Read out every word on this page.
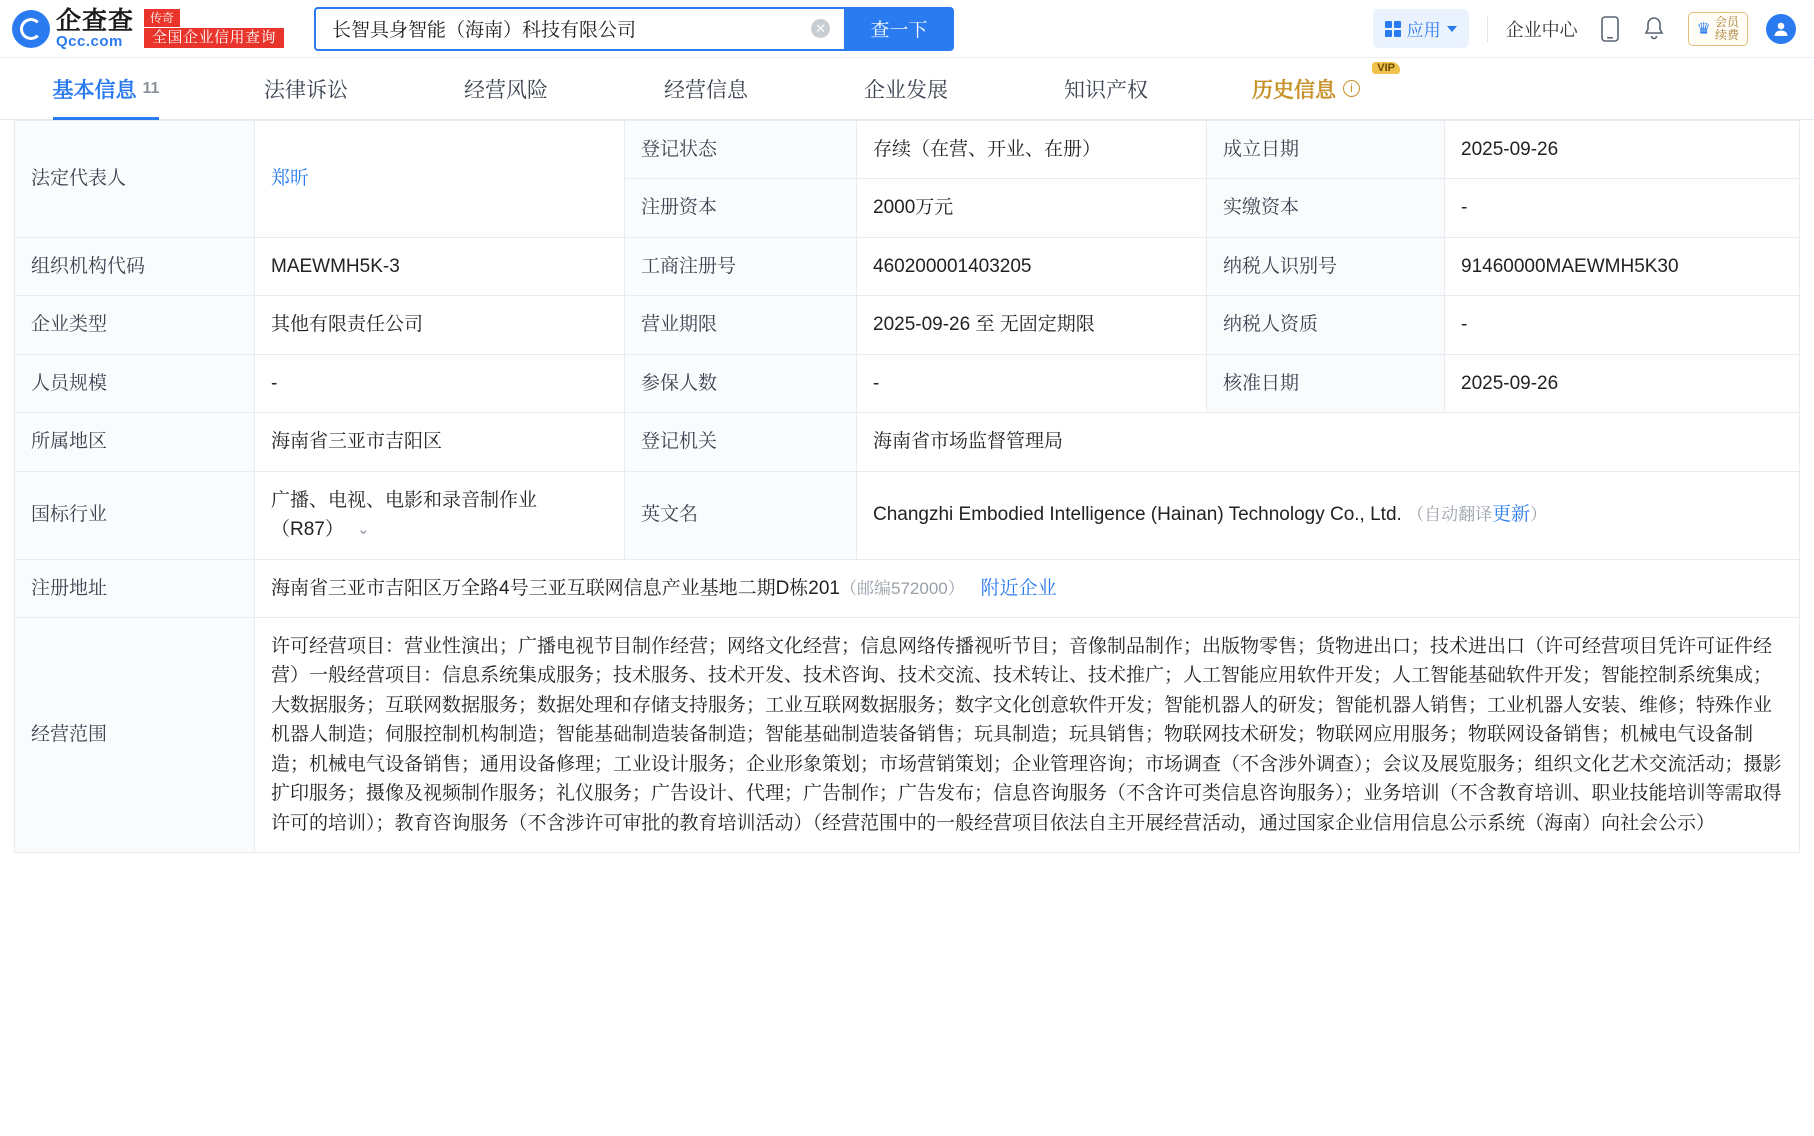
企查查
Qcc.com
传奇
全国企业信用查询
长智具身智能（海南）科技有限公司
✕	查一下	应用	企业中心	♛ 会员
续费
基本信息 11	法律诉讼	经营风险	经营信息	企业发展	知识产权
VIP
历史信息	i
法定代表人	郑昕	登记状态	存续（在营、开业、在册）	成立日期	2025-09-26
		注册资本	2000万元	实缴资本	-
组织机构代码	MAEWMH5K-3	工商注册号	460200001403205	纳税人识别号	91460000MAEWMH5K30
企业类型	其他有限责任公司	营业期限	2025-09-26 至 无固定期限	纳税人资质	-
人员规模	-	参保人数	-	核准日期	2025-09-26
所属地区	海南省三亚市吉阳区	登记机关	海南省市场监督管理局		
国标行业	广播、电视、电影和录音制作业
（R87） ⌄	英文名	Changzhi Embodied Intelligence (Hainan) Technology Co., Ltd. （自动翻译更新）		
注册地址	海南省三亚市吉阳区万全路4号三亚互联网信息产业基地二期D栋201（邮编572000） 附近企业				
经营范围	许可经营项目：营业性演出；广播电视节目制作经营；网络文化经营；信息网络传播视听节目；音像制品制作；出版物零售；货物进出口；技术进出口（许可经营项目凭许可证件经营）一般经营项目：信息系统集成服务；技术服务、技术开发、技术咨询、技术交流、技术转让、技术推广；人工智能应用软件开发；人工智能基础软件开发；智能控制系统集成；大数据服务；互联网数据服务；数据处理和存储支持服务；工业互联网数据服务；数字文化创意软件开发；智能机器人的研发；智能机器人销售；工业机器人安装、维修；特殊作业机器人制造；伺服控制机构制造；智能基础制造装备制造；智能基础制造装备销售；玩具制造；玩具销售；物联网技术研发；物联网应用服务；物联网设备销售；机械电气设备制造；机械电气设备销售；通用设备修理；工业设计服务；企业形象策划；市场营销策划；企业管理咨询；市场调查（不含涉外调查）；会议及展览服务；组织文化艺术交流活动；摄影扩印服务；摄像及视频制作服务；礼仪服务；广告设计、代理；广告制作；广告发布；信息咨询服务（不含许可类信息咨询服务）；业务培训（不含教育培训、职业技能培训等需取得许可的培训）；教育咨询服务（不含涉许可审批的教育培训活动）（经营范围中的一般经营项目依法自主开展经营活动，通过国家企业信用信息公示系统（海南）向社会公示）				
